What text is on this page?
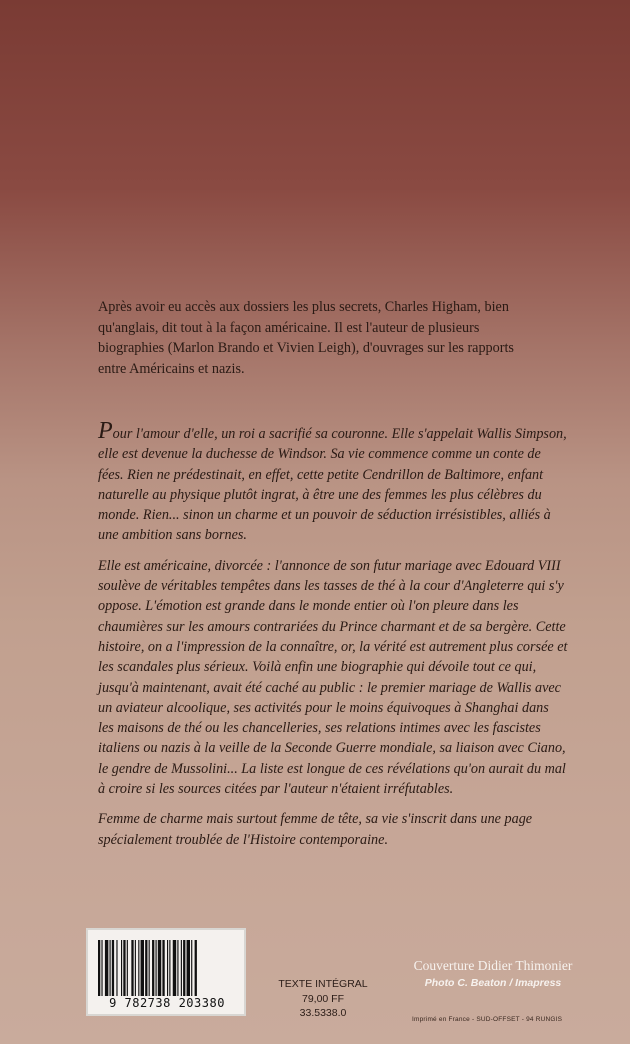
Après avoir eu accès aux dossiers les plus secrets, Charles Higham, bien qu'anglais, dit tout à la façon américaine. Il est l'auteur de plusieurs biographies (Marlon Brando et Vivien Leigh), d'ouvrages sur les rapports entre Américains et nazis.

Pour l'amour d'elle, un roi a sacrifié sa couronne. Elle s'appelait Wallis Simpson, elle est devenue la duchesse de Windsor. Sa vie commence comme un conte de fées. Rien ne prédestinait, en effet, cette petite Cendrillon de Baltimore, enfant naturelle au physique plutôt ingrat, à être une des femmes les plus célèbres du monde. Rien... sinon un charme et un pouvoir de séduction irrésistibles, alliés à une ambition sans bornes.

Elle est américaine, divorcée : l'annonce de son futur mariage avec Edouard VIII soulève de véritables tempêtes dans les tasses de thé à la cour d'Angleterre qui s'y oppose. L'émotion est grande dans le monde entier où l'on pleure dans les chaumières sur les amours contrariées du Prince charmant et de sa bergère. Cette histoire, on a l'impression de la connaître, or, la vérité est autrement plus corsée et les scandales plus sérieux. Voilà enfin une biographie qui dévoile tout ce qui, jusqu'à maintenant, avait été caché au public : le premier mariage de Wallis avec un aviateur alcoolique, ses activités pour le moins équivoques à Shanghai dans les maisons de thé ou les chancelleries, ses relations intimes avec les fascistes italiens ou nazis à la veille de la Seconde Guerre mondiale, sa liaison avec Ciano, le gendre de Mussolini... La liste est longue de ces révélations qu'on aurait du mal à croire si les sources citées par l'auteur n'étaient irréfutables.

Femme de charme mais surtout femme de tête, sa vie s'inscrit dans une page spécialement troublée de l'Histoire contemporaine.

9 782738 203380
TEXTE INTÉGRAL
79,00 FF
33.5338.0
Couverture Didier Thimonier
Photo C. Beaton / Imapress
Imprimé en France - SUD-OFFSET - 94 RUNGIS
